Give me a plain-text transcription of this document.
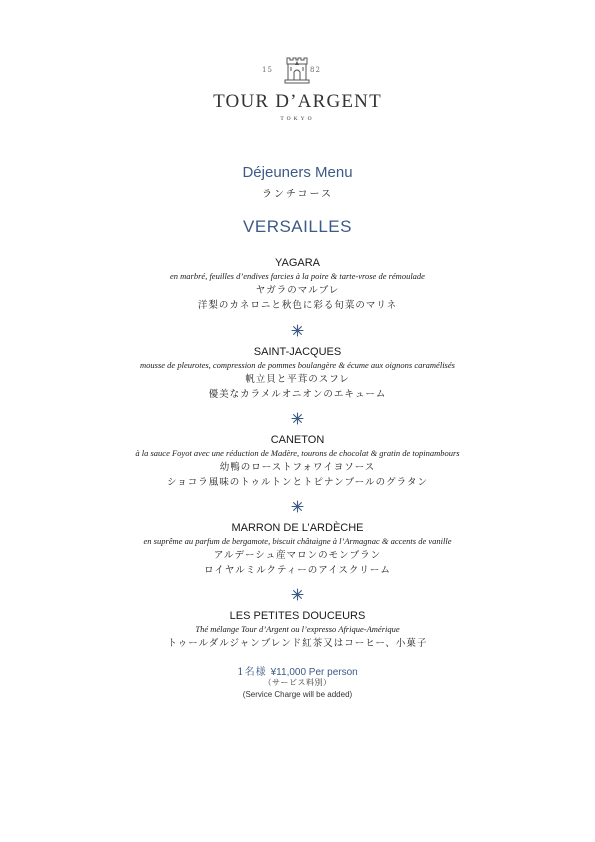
15	82
TOUR D’ARGENT
TOKYO
Déjeuners Menu
ランチコース
VERSAILLES
YAGARA
en marbré, feuilles d’endives farcies à la poire & tarte-vrose de rémoulade
ヤガラのマルブレ
洋梨のカネロニと秋色に彩る旬菜のマリネ
SAINT-JACQUES
mousse de pleurotes, compression de pommes boulangère & écume aux oignons caramélisés
帆立貝と平茸のスフレ
優美なカラメルオニオンのエキューム
CANETON
à la sauce Foyot avec une réduction de Madère, tourons de chocolat & gratin de topinambours
幼鴨のローストフォワイヨソース
ショコラ風味のトゥルトンとトピナンブールのグラタン
MARRON DE L’ARDÈCHE
en suprême au parfum de bergamote, biscuit châtaigne à l’Armagnac & accents de vanille
アルデーシュ産マロンのモンブラン
ロイヤルミルクティーのアイスクリーム
LES PETITES DOUCEURS
Thé mélange Tour d’Argent ou l’expresso Afrique-Amérique
トゥールダルジャンブレンド紅茶又はコーヒー、小菓子
1名様 ¥11,000 Per person
（サービス料別）
(Service Charge will be added)
